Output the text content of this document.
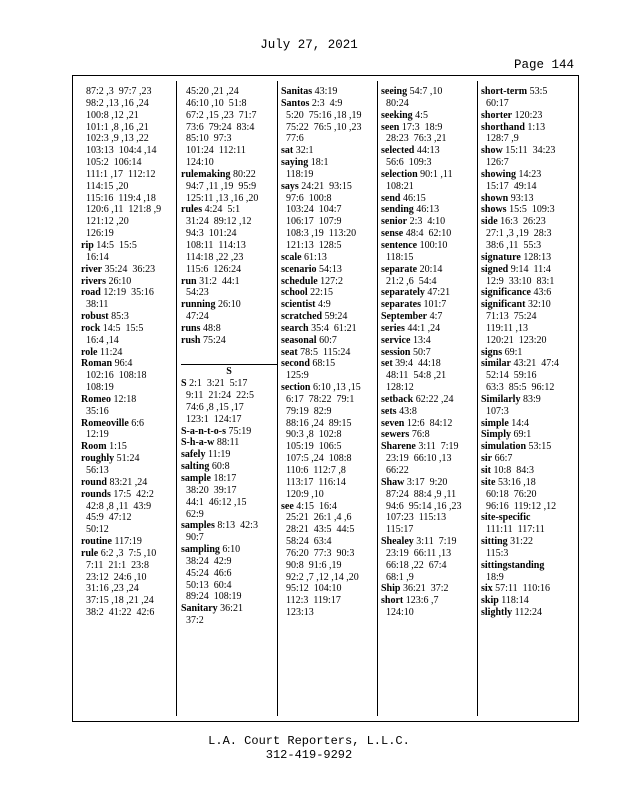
July 27, 2021
Page 144
87:2 ,3  97:7 ,23
98:2 ,13 ,16 ,24
100:8 ,12 ,21
101:1 ,8 ,16 ,21
102:3 ,9 ,13 ,22
103:13  104:4 ,14
105:2  106:14
111:1 ,17  112:12
114:15 ,20
115:16  119:4 ,18
120:6 ,11  121:8 ,9
121:12 ,20
126:19
rip 14:5  15:5
16:14
river 35:24  36:23
rivers 26:10
road 12:19  35:16
38:11
robust 85:3
rock 14:5  15:5
16:4 ,14
role 11:24
Roman 96:4
102:16  108:18
108:19
Romeo 12:18
35:16
Romeoville 6:6
12:19
Room 1:15
roughly 51:24
56:13
round 83:21 ,24
rounds 17:5  42:2
42:8 ,8 ,11  43:9
45:9  47:12
50:12
routine 117:19
rule 6:2 ,3  7:5 ,10
7:11  21:1  23:8
23:12  24:6 ,10
31:16 ,23 ,24
37:15 ,18 ,21 ,24
38:2  41:22  42:6
45:20 ,21 ,24
46:10 ,10  51:8
67:2 ,15 ,23  71:7
73:6  79:24  83:4
85:10  97:3
101:24  112:11
124:10
rulemaking 80:22
94:7 ,11 ,19  95:9
125:11 ,13 ,16 ,20
rules 4:24  5:1
31:24  89:12 ,12
94:3  101:24
108:11  114:13
114:18 ,22 ,23
115:6  126:24
run 31:2  44:1
54:23
running 26:10
47:24
runs 48:8
rush 75:24

S
S 2:1  3:21  5:17
9:11  21:24  22:5
74:6 ,8 ,15 ,17
123:1  124:17
S-a-n-t-o-s 75:19
S-h-a-w 88:11
safely 11:19
salting 60:8
sample 18:17
38:20  39:17
44:1  46:12 ,15
62:9
samples 8:13  42:3
90:7
sampling 6:10
38:24  42:9
45:24  46:6
50:13  60:4
89:24  108:19
Sanitary 36:21
37:2
Sanitas 43:19
Santos 2:3  4:9
5:20  75:16 ,18 ,19
75:22  76:5 ,10 ,23
77:6
sat 32:1
saying 18:1
118:19
says 24:21  93:15
97:6  100:8
103:24  104:7
106:17  107:9
108:3 ,19  113:20
121:13  128:5
scale 61:13
scenario 54:13
schedule 127:2
school 22:15
scientist 4:9
scratched 59:24
search 35:4  61:21
seasonal 60:7
seat 78:5  115:24
second 68:15
125:9
section 6:10 ,13 ,15
6:17  78:22  79:1
79:19  82:9
88:16 ,24  89:15
90:3 ,8  102:8
105:19  106:5
107:5 ,24  108:8
110:6  112:7 ,8
113:17  116:14
120:9 ,10
see 4:15  16:4
25:21  26:1 ,4 ,6
28:21  43:5  44:5
58:24  63:4
76:20  77:3  90:3
90:8  91:6 ,19
92:2 ,7 ,12 ,14 ,20
95:12  104:10
112:3  119:17
123:13
seeing 54:7 ,10
80:24
seeking 4:5
seen 17:3  18:9
28:23  76:3 ,21
selected 44:13
56:6  109:3
selection 90:1 ,11
108:21
send 46:15
sending 46:13
senior 2:3  4:10
sense 48:4  62:10
sentence 100:10
118:15
separate 20:14
21:2 ,6  54:4
separately 47:21
separates 101:7
September 4:7
series 44:1 ,24
service 13:4
session 50:7
set 39:4  44:18
48:11  54:8 ,21
128:12
setback 62:22 ,24
sets 43:8
seven 12:6  84:12
sewers 76:8
Sharene 3:11  7:19
23:19  66:10 ,13
66:22
Shaw 3:17  9:20
87:24  88:4 ,9 ,11
94:6  95:14 ,16 ,23
107:23  115:13
115:17
Shealey 3:11  7:19
23:19  66:11 ,13
66:18 ,22  67:4
68:1 ,9
Ship 36:21  37:2
short 123:6 ,7
124:10
short-term 53:5
60:17
shorter 120:23
shorthand 1:13
128:7 ,9
show 15:11  34:23
126:7
showing 14:23
15:17  49:14
shown 93:13
shows 15:5  109:3
side 16:3  26:23
27:1 ,3 ,19  28:3
38:6 ,11  55:3
signature 128:13
signed 9:14  11:4
12:9  33:10  83:1
significance 43:6
significant 32:10
71:13  75:24
119:11 ,13
120:21  123:20
signs 69:1
similar 43:21  47:4
52:14  59:16
63:3  85:5  96:12
Similarly 83:9
107:3
simple 14:4
Simply 69:1
simulation 53:15
sir 66:7
sit 10:8  84:3
site 53:16 ,18
60:18  76:20
96:16  119:12 ,12
site-specific
111:11  117:11
sitting 31:22
115:3
sittingstanding
18:9
six 57:11  110:16
skip 118:14
slightly 112:24
L.A. Court Reporters, L.L.C.
312-419-9292
